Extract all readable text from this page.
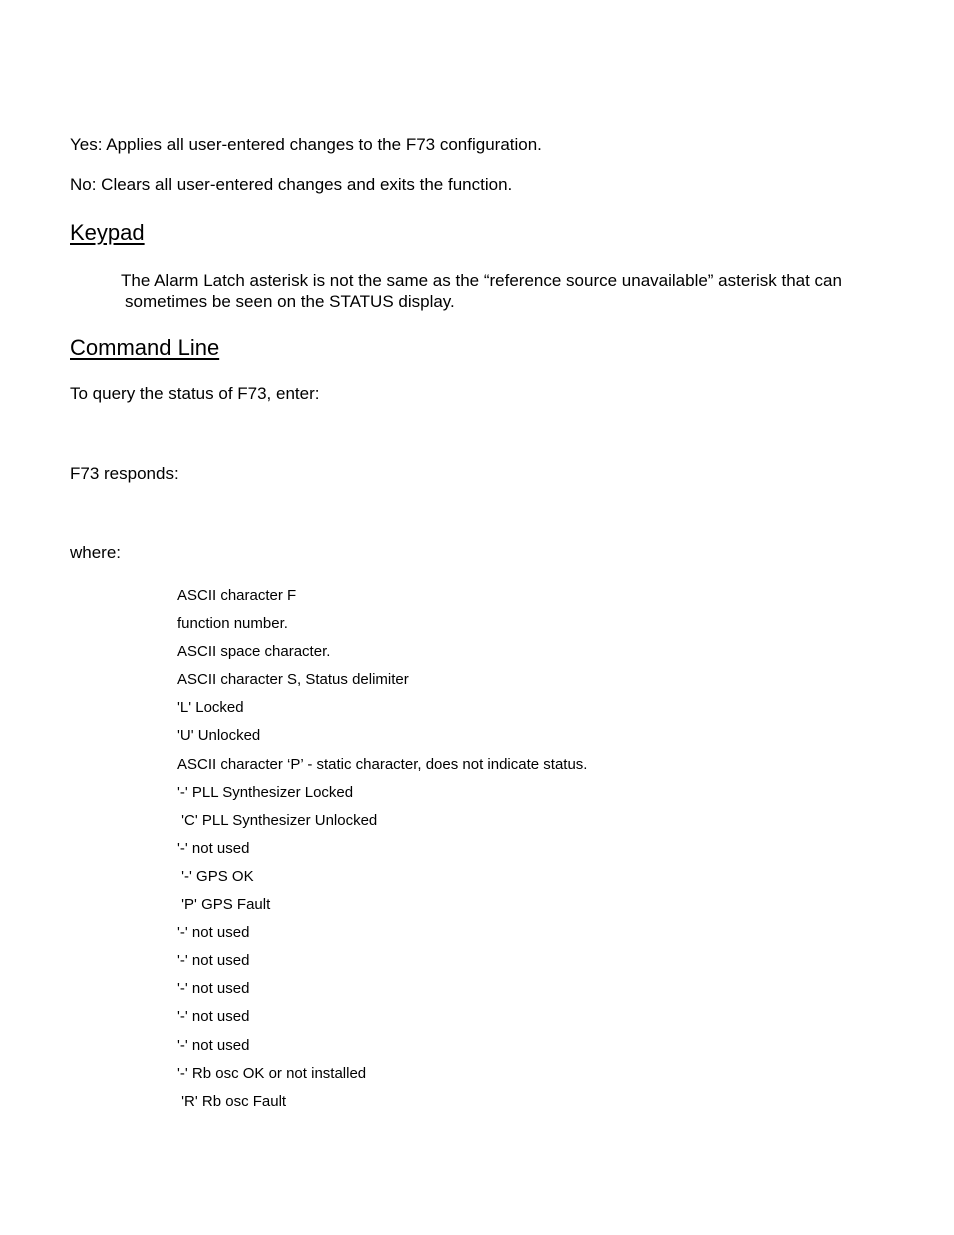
Yes: Applies all user-entered changes to the F73 configuration.
No: Clears all user-entered changes and exits the function.
Keypad
The Alarm Latch asterisk is not the same as the “reference source unavailable” asterisk that can
sometimes be seen on the STATUS display.
Command Line
To query the status of F73, enter:
F73 responds:
where:
ASCII character F
function number.
ASCII space character.
ASCII character S, Status delimiter
'L' Locked
'U' Unlocked
ASCII character ‘P’ - static character, does not indicate status.
'-' PLL Synthesizer Locked
'C' PLL Synthesizer Unlocked
'-' not used
'-' GPS OK
'P' GPS Fault
'-' not used
'-' not used
'-' not used
'-' not used
'-' not used
'-' Rb osc OK or not installed
'R' Rb osc Fault
